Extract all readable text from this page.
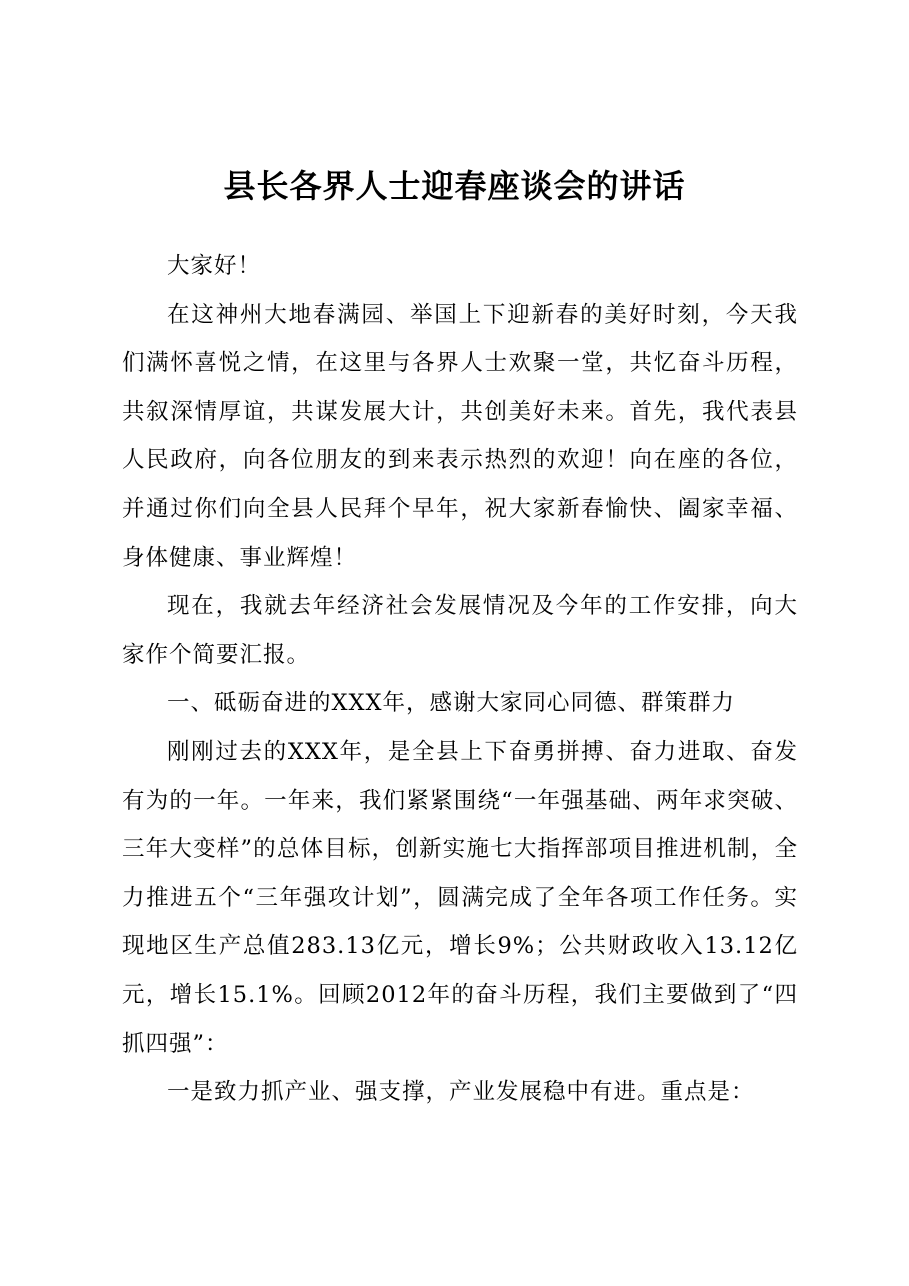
县长各界人士迎春座谈会的讲话

大家好！

在这神州大地春满园、举国上下迎新春的美好时刻，今天我们满怀喜悦之情，在这里与各界人士欢聚一堂，共忆奋斗历程，共叙深情厚谊，共谋发展大计，共创美好未来。首先，我代表县人民政府，向各位朋友的到来表示热烈的欢迎！向在座的各位，并通过你们向全县人民拜个早年，祝大家新春愉快、阖家幸福、身体健康、事业辉煌！

现在，我就去年经济社会发展情况及今年的工作安排，向大家作个简要汇报。

一、砥砺奋进的XXX年，感谢大家同心同德、群策群力

刚刚过去的XXX年，是全县上下奋勇拼搏、奋力进取、奋发有为的一年。一年来，我们紧紧围绕“一年强基础、两年求突破、三年大变样”的总体目标，创新实施七大指挥部项目推进机制，全力推进五个“三年强攻计划”，圆满完成了全年各项工作任务。实现地区生产总值283.13亿元，增长9%；公共财政收入13.12亿元，增长15.1%。回顾2012年的奋斗历程，我们主要做到了“四抓四强”：

一是致力抓产业、强支撑，产业发展稳中有进。重点是：
